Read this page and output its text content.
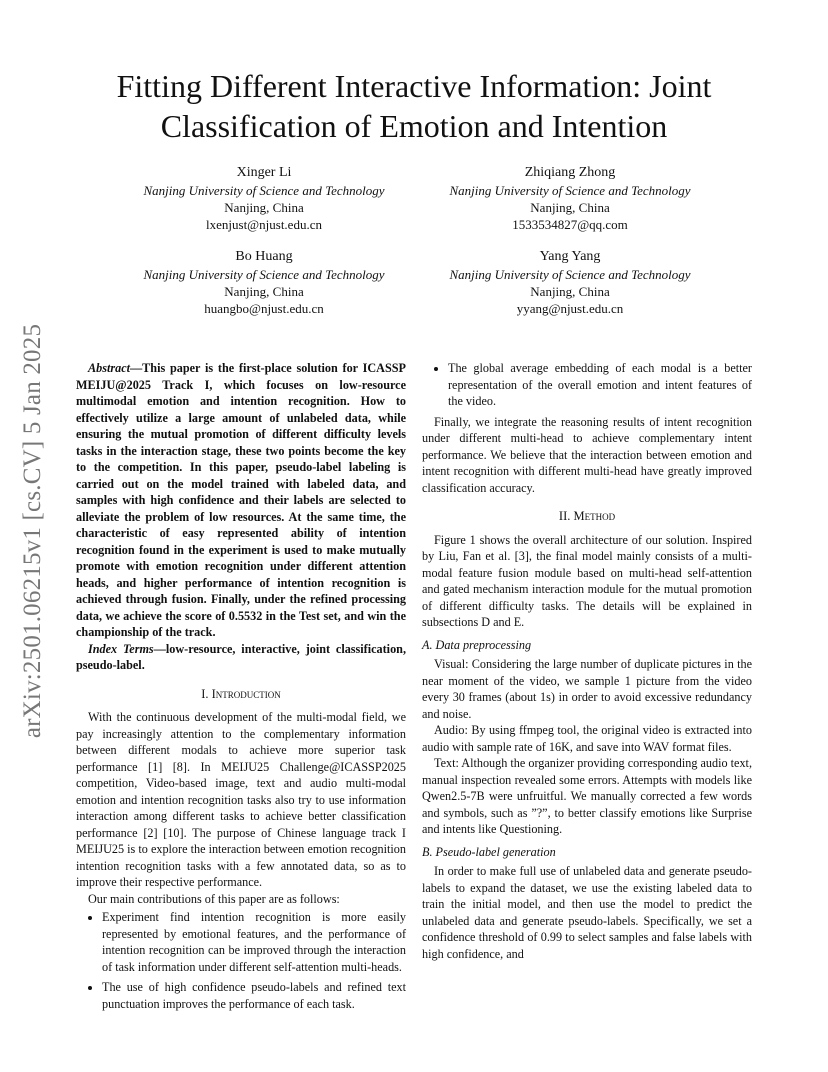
arXiv:2501.06215v1 [cs.CV] 5 Jan 2025
Fitting Different Interactive Information: Joint
Classification of Emotion and Intention
Xinger Li
Nanjing University of Science and Technology
Nanjing, China
lxenjust@njust.edu.cn
Zhiqiang Zhong
Nanjing University of Science and Technology
Nanjing, China
1533534827@qq.com
Bo Huang
Nanjing University of Science and Technology
Nanjing, China
huangbo@njust.edu.cn
Yang Yang
Nanjing University of Science and Technology
Nanjing, China
yyang@njust.edu.cn

Abstract—This paper is the first-place solution for ICASSP MEIJU@2025 Track I, which focuses on low-resource multimodal emotion and intention recognition. How to effectively utilize a large amount of unlabeled data, while ensuring the mutual promotion of different difficulty levels tasks in the interaction stage, these two points become the key to the competition. In this paper, pseudo-label labeling is carried out on the model trained with labeled data, and samples with high confidence and their labels are selected to alleviate the problem of low resources. At the same time, the characteristic of easy represented ability of intention recognition found in the experiment is used to make mutually promote with emotion recognition under different attention heads, and higher performance of intention recognition is achieved through fusion. Finally, under the refined processing data, we achieve the score of 0.5532 in the Test set, and win the championship of the track.

Index Terms—low-resource, interactive, joint classification, pseudo-label.

I. Introduction

With the continuous development of the multi-modal field, we pay increasingly attention to the complementary information between different modals to achieve more superior task performance [1] [8]. In MEIJU25 Challenge@ICASSP2025 competition, Video-based image, text and audio multi-modal emotion and intention recognition tasks also try to use information interaction among different tasks to achieve better classification performance [2] [10]. The purpose of Chinese language track I MEIJU25 is to explore the interaction between emotion recognition intention recognition tasks with a few annotated data, so as to improve their respective performance.

Our main contributions of this paper are as follows:

• Experiment find intention recognition is more easily represented by emotional features, and the performance of intention recognition can be improved through the interaction of task information under different self-attention multi-heads.
• The use of high confidence pseudo-labels and refined text punctuation improves the performance of each task.
• The global average embedding of each modal is a better representation of the overall emotion and intent features of the video.

Finally, we integrate the reasoning results of intent recognition under different multi-head to achieve complementary intent performance. We believe that the interaction between emotion and intent recognition with different multi-head have greatly improved classification accuracy.

II. Method

Figure 1 shows the overall architecture of our solution. Inspired by Liu, Fan et al. [3], the final model mainly consists of a multi-modal feature fusion module based on multi-head self-attention and gated mechanism interaction module for the mutual promotion of different difficulty tasks. The details will be explained in subsections D and E.

A. Data preprocessing

Visual: Considering the large number of duplicate pictures in the near moment of the video, we sample 1 picture from the video every 30 frames (about 1s) in order to avoid excessive redundancy and noise.

Audio: By using ffmpeg tool, the original video is extracted into audio with sample rate of 16K, and save into WAV format files.

Text: Although the organizer providing corresponding audio text, manual inspection revealed some errors. Attempts with models like Qwen2.5-7B were unfruitful. We manually corrected a few words and symbols, such as ”?”, to better classify emotions like Surprise and intents like Questioning.

B. Pseudo-label generation

In order to make full use of unlabeled data and generate pseudo-labels to expand the dataset, we use the existing labeled data to train the initial model, and then use the model to predict the unlabeled data and generate pseudo-labels. Specifically, we set a confidence threshold of 0.99 to select samples and false labels with high confidence, and
